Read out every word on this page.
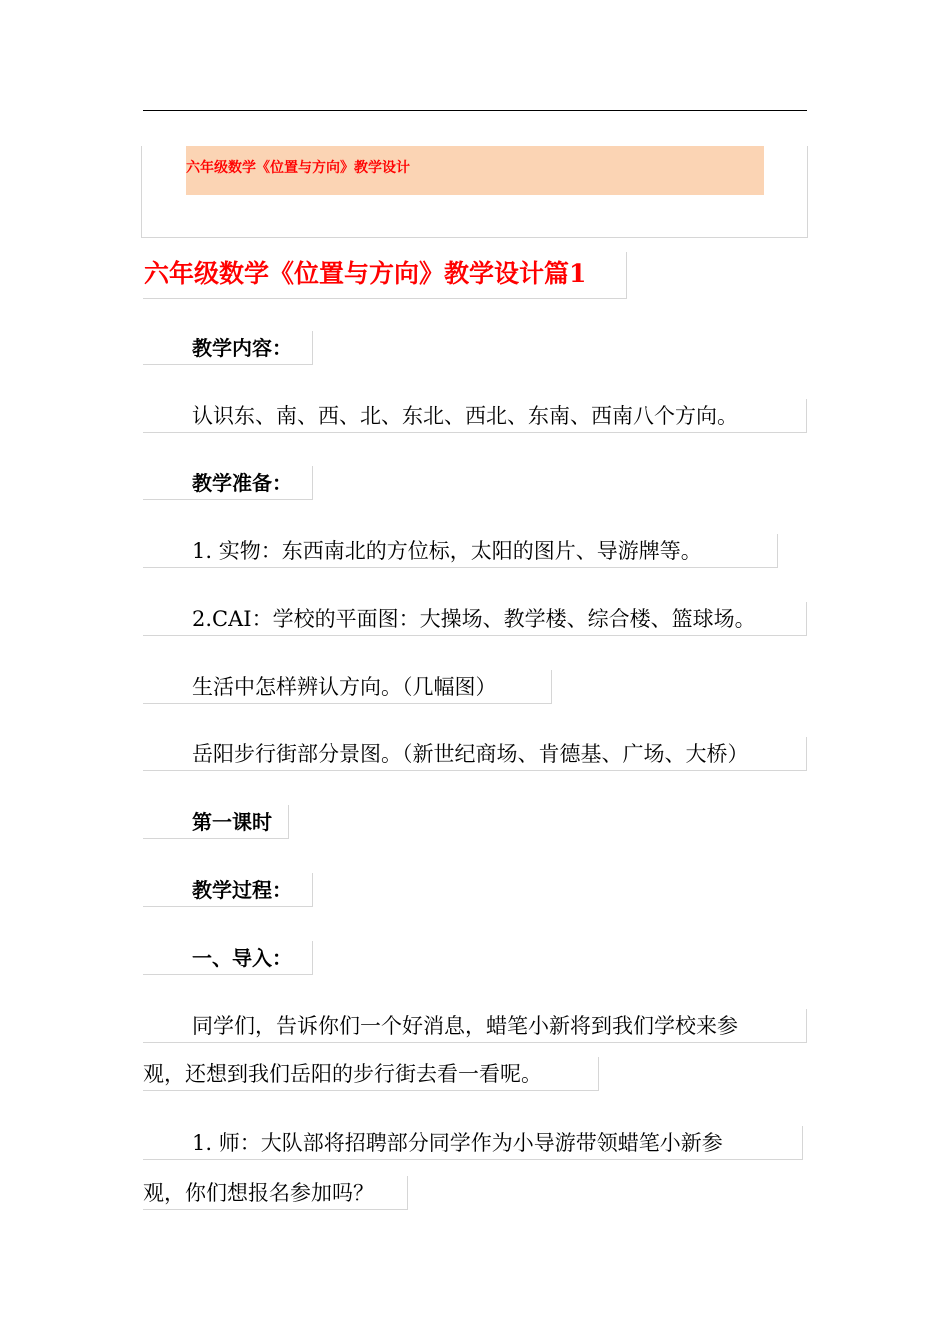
六年级数学《位置与方向》教学设计
六年级数学《位置与方向》教学设计篇1
教学内容：
认识东、南、西、北、东北、西北、东南、西南八个方向。
教学准备：
1. 实物：东西南北的方位标，太阳的图片、导游牌等。
2.CAI：学校的平面图：大操场、教学楼、综合楼、篮球场。
生活中怎样辨认方向。（几幅图）
岳阳步行街部分景图。（新世纪商场、肯德基、广场、大桥）
第一课时
教学过程：
一、导入：
同学们，告诉你们一个好消息，蜡笔小新将到我们学校来参
观，还想到我们岳阳的步行街去看一看呢。
1. 师：大队部将招聘部分同学作为小导游带领蜡笔小新参
观，你们想报名参加吗？
